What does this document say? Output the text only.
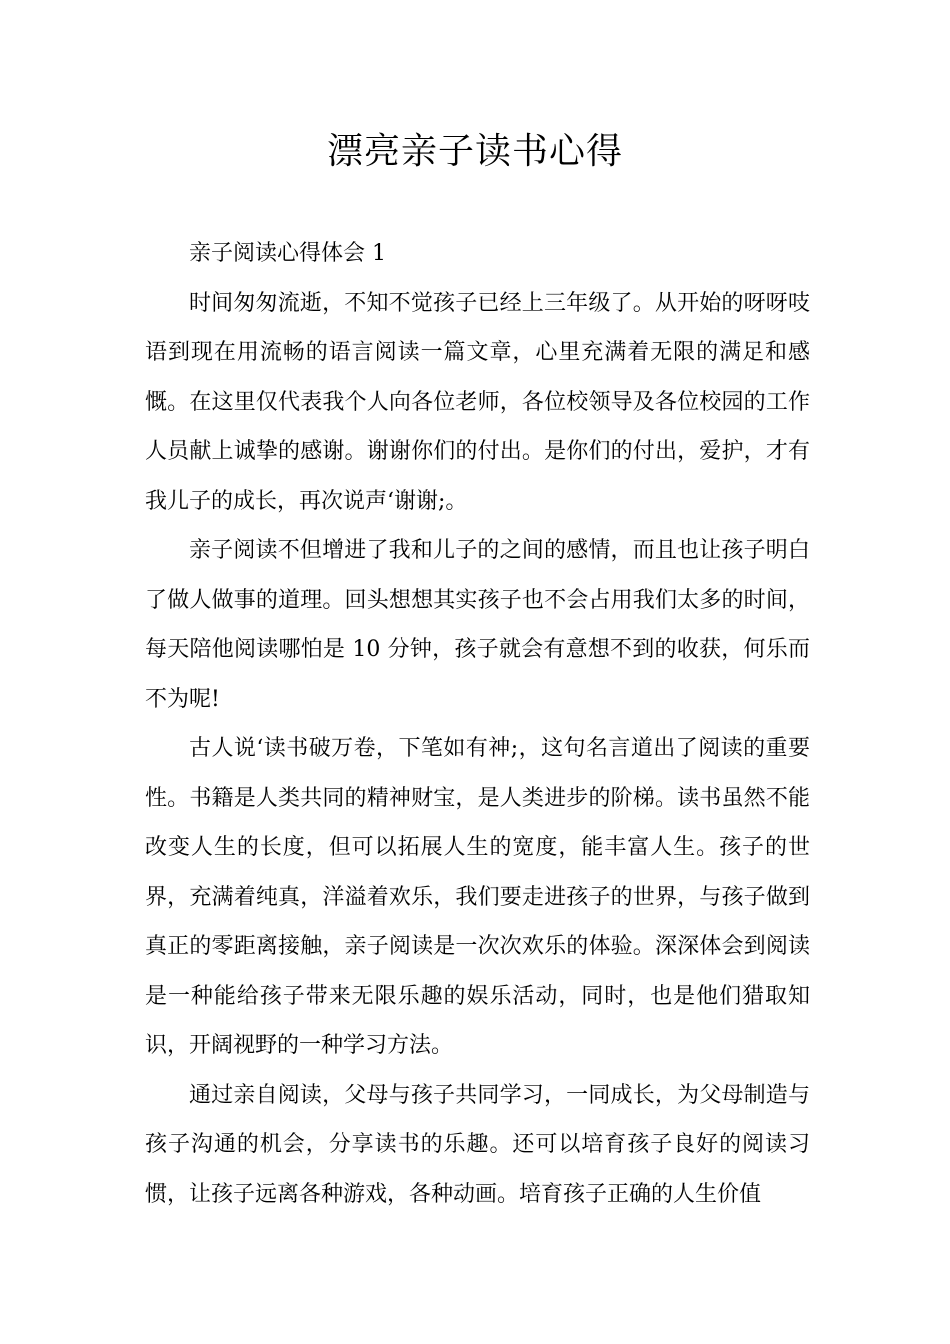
漂亮亲子读书心得

亲子阅读心得体会 1

时间匆匆流逝，不知不觉孩子已经上三年级了。从开始的呀呀吱语到现在用流畅的语言阅读一篇文章，心里充满着无限的满足和感慨。在这里仅代表我个人向各位老师，各位校领导及各位校园的工作人员献上诚挚的感谢。谢谢你们的付出。是你们的付出，爱护，才有我儿子的成长，再次说声‘谢谢;。

亲子阅读不但增进了我和儿子的之间的感情，而且也让孩子明白了做人做事的道理。回头想想其实孩子也不会占用我们太多的时间，每天陪他阅读哪怕是 10 分钟，孩子就会有意想不到的收获，何乐而不为呢!

古人说‘读书破万卷，下笔如有神;，这句名言道出了阅读的重要性。书籍是人类共同的精神财宝，是人类进步的阶梯。读书虽然不能改变人生的长度，但可以拓展人生的宽度，能丰富人生。孩子的世界，充满着纯真，洋溢着欢乐，我们要走进孩子的世界，与孩子做到真正的零距离接触，亲子阅读是一次次欢乐的体验。深深体会到阅读是一种能给孩子带来无限乐趣的娱乐活动，同时，也是他们猎取知识，开阔视野的一种学习方法。

通过亲自阅读，父母与孩子共同学习，一同成长，为父母制造与孩子沟通的机会，分享读书的乐趣。还可以培育孩子良好的阅读习惯，让孩子远离各种游戏，各种动画。培育孩子正确的人生价值
